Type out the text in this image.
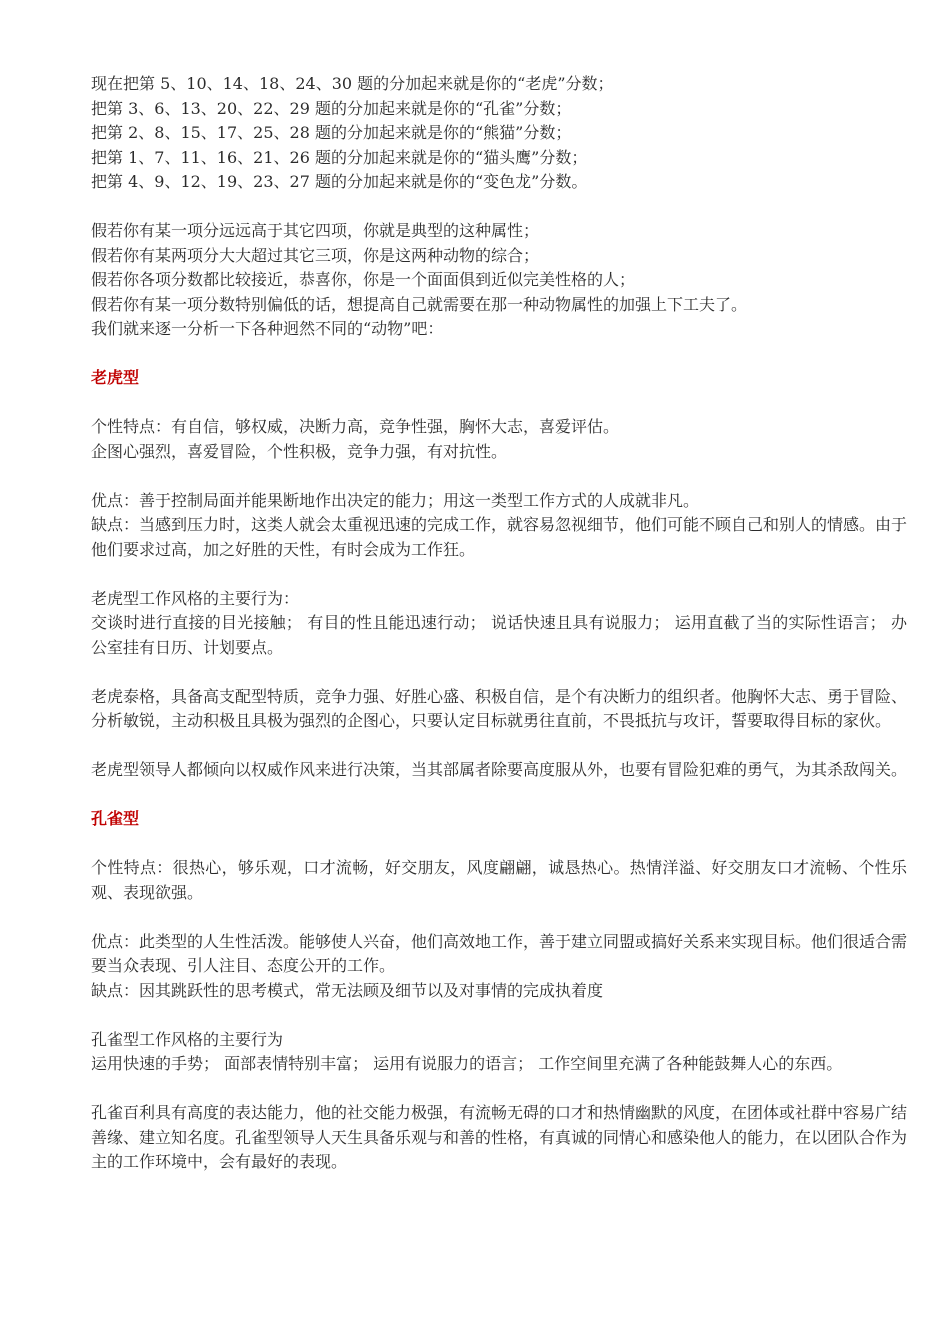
现在把第 5、10、14、18、24、30 题的分加起来就是你的“老虎”分数；
把第 3、6、13、20、22、29 题的分加起来就是你的“孔雀”分数；
把第 2、8、15、17、25、28 题的分加起来就是你的“熊猫”分数；
把第 1、7、11、16、21、26 题的分加起来就是你的“猫头鹰”分数；
把第 4、9、12、19、23、27 题的分加起来就是你的“变色龙”分数。
假若你有某一项分远远高于其它四项，你就是典型的这种属性；
假若你有某两项分大大超过其它三项，你是这两种动物的综合；
假若你各项分数都比较接近，恭喜你，你是一个面面俱到近似完美性格的人；
假若你有某一项分数特别偏低的话，想提高自己就需要在那一种动物属性的加强上下工夫了。
我们就来逐一分析一下各种迥然不同的“动物”吧：
老虎型
个性特点：有自信，够权威，决断力高，竞争性强，胸怀大志，喜爱评估。
企图心强烈，喜爱冒险，个性积极，竞争力强，有对抗性。
优点：善于控制局面并能果断地作出决定的能力；用这一类型工作方式的人成就非凡。
缺点：当感到压力时，这类人就会太重视迅速的完成工作，就容易忽视细节，他们可能不顾自己和别人的情感。由于他们要求过高，加之好胜的天性，有时会成为工作狂。
老虎型工作风格的主要行为：
交谈时进行直接的目光接触； 有目的性且能迅速行动； 说话快速且具有说服力； 运用直截了当的实际性语言； 办公室挂有日历、计划要点。
老虎泰格，具备高支配型特质，竞争力强、好胜心盛、积极自信，是个有决断力的组织者。他胸怀大志、勇于冒险、分析敏锐，主动积极且具极为强烈的企图心，只要认定目标就勇往直前，不畏抵抗与攻讦，誓要取得目标的家伙。
老虎型领导人都倾向以权威作风来进行决策，当其部属者除要高度服从外，也要有冒险犯难的勇气，为其杀敌闯关。
孔雀型
个性特点：很热心，够乐观，口才流畅，好交朋友，风度翩翩，诚恳热心。热情洋溢、好交朋友口才流畅、个性乐观、表现欲强。
优点：此类型的人生性活泼。能够使人兴奋，他们高效地工作，善于建立同盟或搞好关系来实现目标。他们很适合需要当众表现、引人注目、态度公开的工作。
缺点：因其跳跃性的思考模式，常无法顾及细节以及对事情的完成执着度
孔雀型工作风格的主要行为
运用快速的手势； 面部表情特别丰富； 运用有说服力的语言； 工作空间里充满了各种能鼓舞人心的东西。
孔雀百利具有高度的表达能力，他的社交能力极强，有流畅无碍的口才和热情幽默的风度，在团体或社群中容易广结善缘、建立知名度。孔雀型领导人天生具备乐观与和善的性格，有真诚的同情心和感染他人的能力，在以团队合作为主的工作环境中，会有最好的表现。
